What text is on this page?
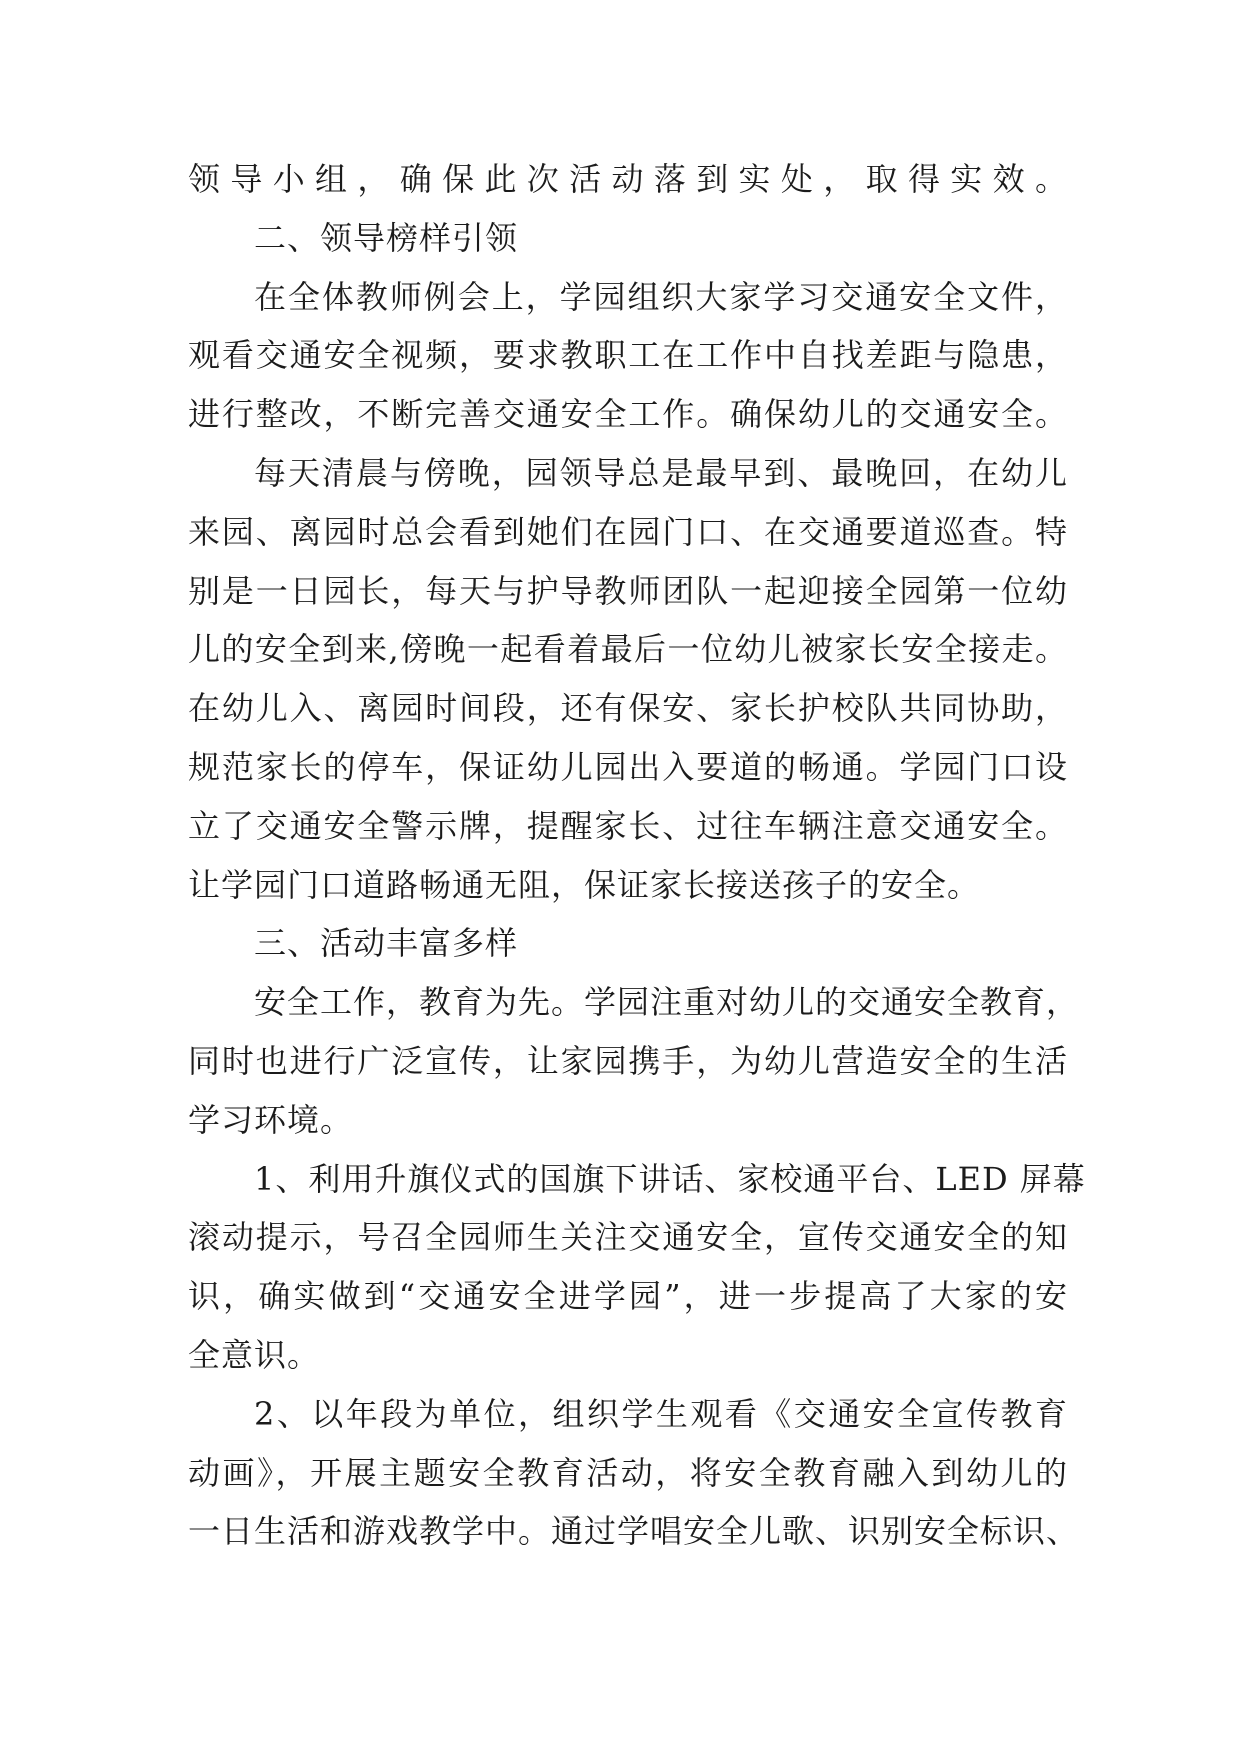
领导小组，确保此次活动落到实处，取得实效。
二、领导榜样引领
在全体教师例会上，学园组织大家学习交通安全文件，
观看交通安全视频，要求教职工在工作中自找差距与隐患，
进行整改，不断完善交通安全工作。确保幼儿的交通安全。
每天清晨与傍晚，园领导总是最早到、最晚回，在幼儿
来园、离园时总会看到她们在园门口、在交通要道巡查。特
别是一日园长，每天与护导教师团队一起迎接全园第一位幼
儿的安全到来,傍晚一起看着最后一位幼儿被家长安全接走。
在幼儿入、离园时间段，还有保安、家长护校队共同协助，
规范家长的停车，保证幼儿园出入要道的畅通。学园门口设
立了交通安全警示牌，提醒家长、过往车辆注意交通安全。
让学园门口道路畅通无阻，保证家长接送孩子的安全。
三、活动丰富多样
安全工作，教育为先。学园注重对幼儿的交通安全教育，
同时也进行广泛宣传，让家园携手，为幼儿营造安全的生活
学习环境。
1、利用升旗仪式的国旗下讲话、家校通平台、LED 屏幕
滚动提示，号召全园师生关注交通安全，宣传交通安全的知
识，确实做到“交通安全进学园”，进一步提高了大家的安
全意识。
2、以年段为单位，组织学生观看《交通安全宣传教育
动画》，开展主题安全教育活动，将安全教育融入到幼儿的
一日生活和游戏教学中。通过学唱安全儿歌、识别安全标识、
